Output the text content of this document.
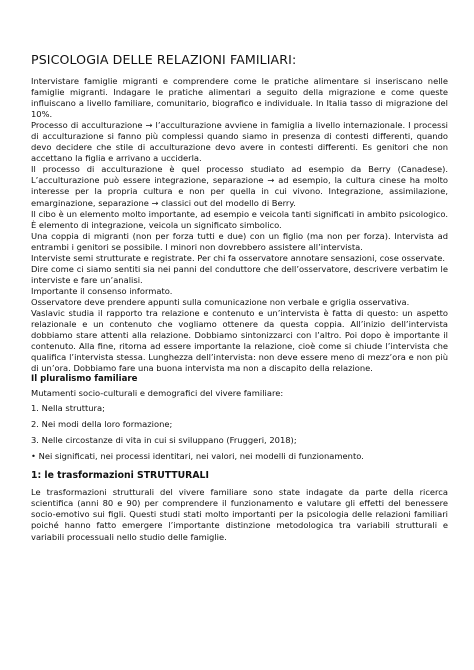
PSICOLOGIA DELLE RELAZIONI FAMILIARI:

Intervistare famiglie migranti e comprendere come le pratiche alimentare si inseriscano nelle famiglie migranti. Indagare le pratiche alimentari a seguito della migrazione e come queste influiscano a livello familiare, comunitario, biografico e individuale. In Italia tasso di migrazione del 10%.

Processo di acculturazione → l’acculturazione avviene in famiglia a livello internazionale. I processi di acculturazione si fanno più complessi quando siamo in presenza di contesti differenti, quando devo decidere che stile di acculturazione devo avere in contesti differenti. Es genitori che non accettano la figlia e arrivano a ucciderla.

Il processo di acculturazione è quel processo studiato ad esempio da Berry (Canadese). L’acculturazione può essere integrazione, separazione → ad esempio, la cultura cinese ha molto interesse per la propria cultura e non per quella in cui vivono. Integrazione, assimilazione, emarginazione, separazione → classici out del modello di Berry.

Il cibo è un elemento molto importante, ad esempio e veicola tanti significati in ambito psicologico. È elemento di integrazione, veicola un significato simbolico.

Una coppia di migranti (non per forza tutti e due) con un figlio (ma non per forza). Intervista ad entrambi i genitori se possibile. I minori non dovrebbero assistere all’intervista.

Interviste semi strutturate e registrate. Per chi fa osservatore annotare sensazioni, cose osservate.

Dire come ci siamo sentiti sia nei panni del conduttore che dell’osservatore, descrivere verbatim le interviste e fare un’analisi.

Importante il consenso informato.

Osservatore deve prendere appunti sulla comunicazione non verbale e griglia osservativa.

Vaslavic studia il rapporto tra relazione e contenuto e un’intervista è fatta di questo: un aspetto relazionale e un contenuto che vogliamo ottenere da questa coppia. All’inizio dell’intervista dobbiamo stare attenti alla relazione. Dobbiamo sintonizzarci con l’altro. Poi dopo è importante il contenuto. Alla fine, ritorna ad essere importante la relazione, cioè come si chiude l’intervista che qualifica l’intervista stessa. Lunghezza dell’intervista: non deve essere meno di mezz’ora e non più di un’ora. Dobbiamo fare una buona intervista ma non a discapito della relazione.

Il pluralismo familiare

Mutamenti socio-culturali e demografici del vivere familiare:

1. Nella struttura;
2. Nei modi della loro formazione;
3. Nelle circostanze di vita in cui si sviluppano (Fruggeri, 2018);
• Nei significati, nei processi identitari, nei valori, nei modelli di funzionamento.
1: le trasformazioni STRUTTURALI

Le trasformazioni strutturali del vivere familiare sono state indagate da parte della ricerca scientifica (anni 80 e 90) per comprendere il funzionamento e valutare gli effetti del benessere socio-emotivo sui figli. Questi studi stati molto importanti per la psicologia delle relazioni familiari poiché hanno fatto emergere l’importante distinzione metodologica tra variabili strutturali e variabili processuali nello studio delle famiglie.
